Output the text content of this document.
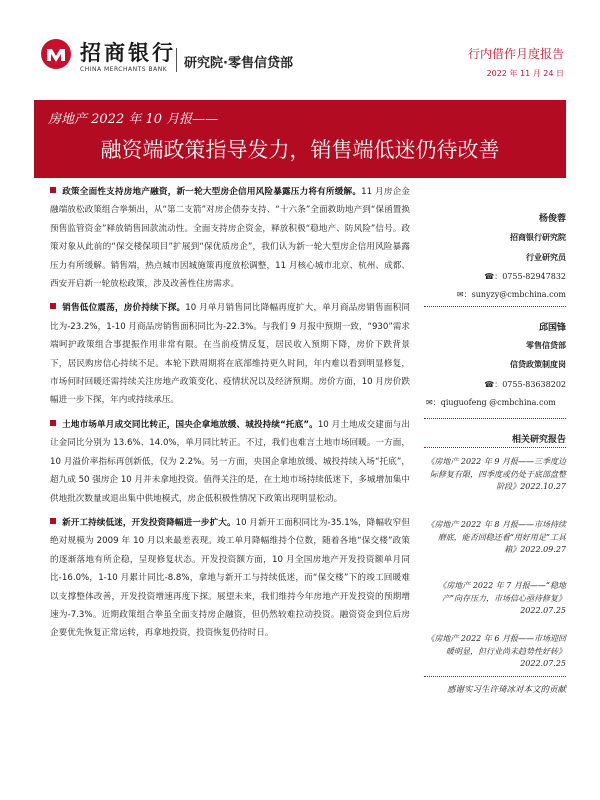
招商银行
CHINA MERCHANTS BANK 研究院·零售信贷部
行内借作月度报告
2022 年 11 月 24 日
房地产 2022 年 10 月报——
融资端政策指导发力，销售端低迷仍待改善

政策全面性支持房地产融资，新一轮大型房企信用风险暴露压力将有所缓解。11 月房企金融端放松政策组合拳频出，从“第二支箭”对房企债券支持、“十六条”全面救助地产到“保函置换预售监管资金”释放销售回款流动性。全面支持房企资金，释放积极“稳地产、防风险”信号。政策对象从此前的“保交楼保项目”扩展到“保优质房企”，我们认为新一轮大型房企信用风险暴露压力有所缓解。销售端，热点城市因城施策再度放松调整，11 月核心城市北京、杭州、成都、西安开启新一轮放松政策，涉及改善性住房需求。

销售低位震荡，房价持续下探。10 月单月销售同比降幅再度扩大，单月商品房销售面积同比为-23.2%，1-10 月商品房销售面积同比为-22.3%。与我们 9 月报中预期一致，“930”需求端呵护政策组合事提振作用非常有限。在当前疫情反复，居民收入预期下降，房价下跌背景下，居民购房信心持续不足。本轮下跌周期将在底部维持更久时间，年内难以看到明显修复，市场何时回暖还需持续关注房地产政策变化、疫情状况以及经济预期。房价方面，10 月房价跌幅进一步下探，年内或持续承压。

土地市场单月成交同比转正，国央企拿地放缓、城投持续“托底”。10 月土地成交建面与出让金同比分别为 13.6%、14.0%，单月同比转正。不过，我们也难言土地市场回暖。一方面，10 月溢价率指标再创新低，仅为 2.2%。另一方面，央国企拿地放缓、城投持续入场“托底”，超九成 50 强房企 10 月并未拿地投资。值得关注的是，在土地市场持续低迷下，多城增加集中供地批次数量或退出集中供地模式，房企低积极性情况下政策出现明显松动。

新开工持续低迷，开发投资降幅进一步扩大。10 月新开工面积同比为-35.1%，降幅收窄但绝对规模为 2009 年 10 月以来最差表现。竣工单月降幅维持个位数，随着各地“保交楼”政策的逐渐落地有所企稳，呈现修复状态。开发投资额方面，10 月全国房地产开发投资额单月同比-16.0%，1-10 月累计同比-8.8%，拿地与新开工与持续低迷，而“保交楼”下的竣工回暖难以支撑整体改善，开发投资增速再度下探。展望未来，我们维持今年房地产开发投资的预期增速为-7.3%。近期政策组合拳虽全面支持房企融资，但仍然较难拉动投资。融资资金到位后房企要优先恢复正常运转，再拿地投资，投资恢复仍待时日。

杨俊蓉
招商银行研究院
行业研究员
☎：0755-82947832
✉：sunyzy@cmbchina.com
邱国锋
零售信贷部
信贷政策制度岗
☎：0755-83638202
✉：qiuguofeng @cmbchina.com
相关研究报告
《房地产 2022 年 9 月报——三季度边际修复有限，四季度或仍处于底部盘整阶段》2022.10.27
《房地产 2022 年 8 月报——市场持续磨底，能否回稳还看“用好用足”工具箱》2022.09.27
《房地产 2022 年 7 月报——“稳地产”向存压力，市场信心亟待修复》2022.07.25
《房地产 2022 年 6 月报——市场迎回暖明显，但行业尚未趋势性好转》2022.07.25
感谢实习生许琦冰对本文的贡献
